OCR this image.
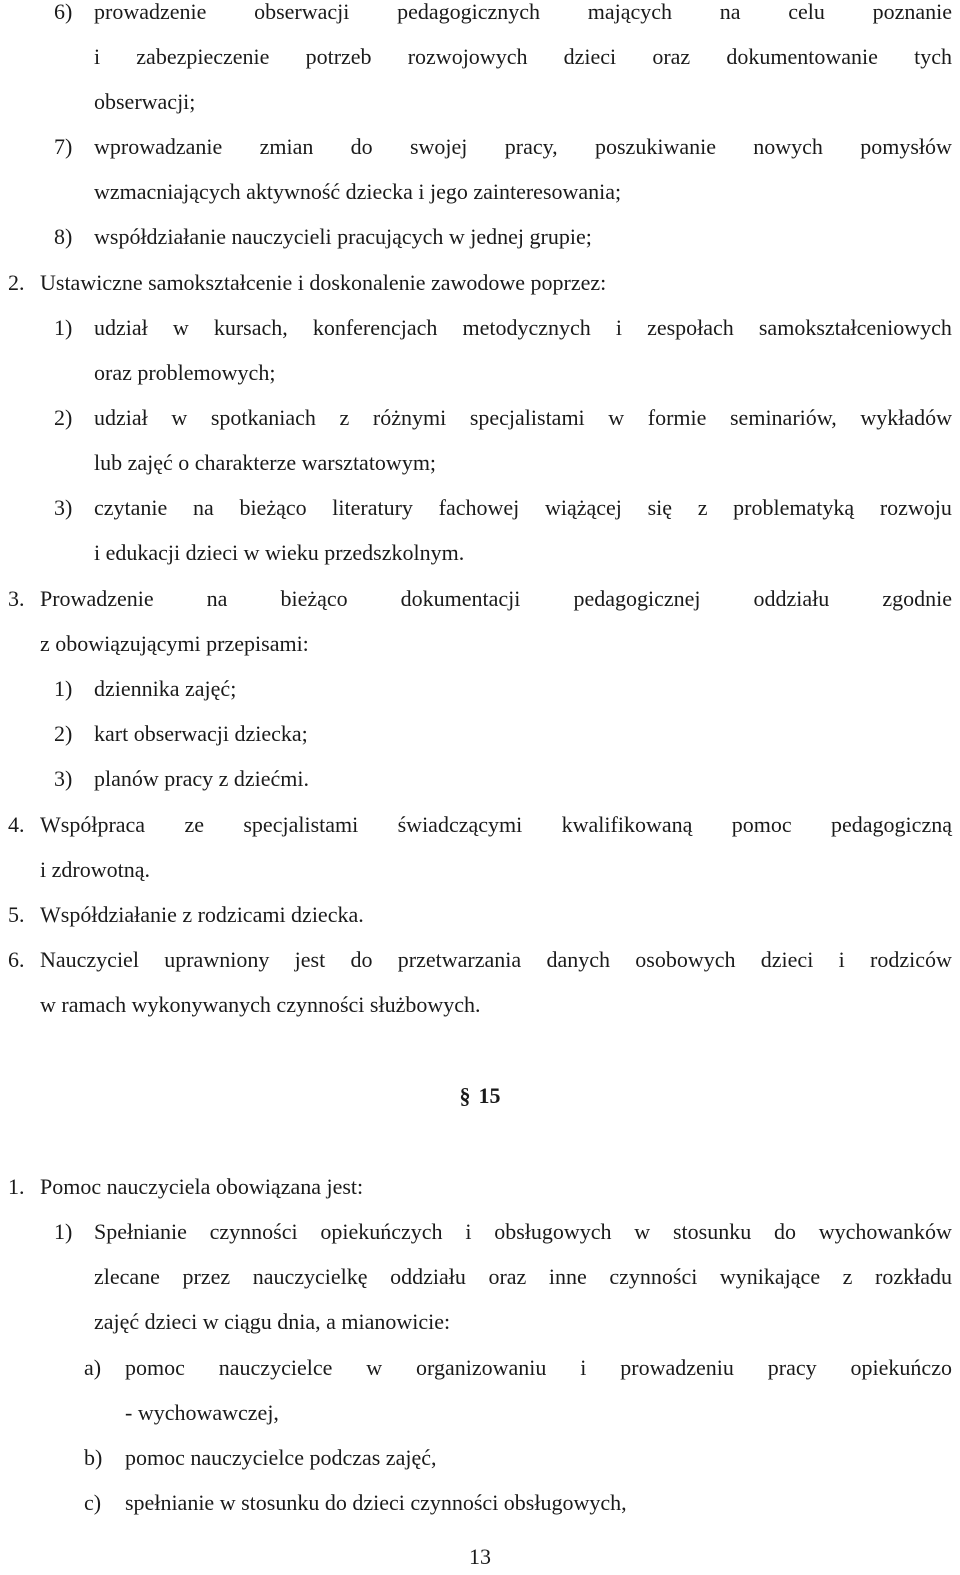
6) prowadzenie obserwacji pedagogicznych mających na celu poznanie
i zabezpieczenie potrzeb rozwojowych dzieci oraz dokumentowanie tych
obserwacji;
7) wprowadzanie zmian do swojej pracy, poszukiwanie nowych pomysłów
wzmacniających aktywność dziecka i jego zainteresowania;
8) współdziałanie nauczycieli pracujących w jednej grupie;
2. Ustawiczne samokształcenie i doskonalenie zawodowe poprzez:
1) udział w kursach, konferencjach metodycznych i zespołach samokształceniowych
oraz problemowych;
2) udział w spotkaniach z różnymi specjalistami w formie seminariów, wykładów
lub zajęć o charakterze warsztatowym;
3) czytanie na bieżąco literatury fachowej wiążącej się z problematyką rozwoju
i edukacji dzieci w wieku przedszkolnym.
3. Prowadzenie na bieżąco dokumentacji pedagogicznej oddziału zgodnie
z obowiązującymi przepisami:
1) dziennika zajęć;
2) kart obserwacji dziecka;
3) planów pracy z dziećmi.
4. Współpraca ze specjalistami świadczącymi kwalifikowaną pomoc pedagogiczną
i zdrowotną.
5. Współdziałanie z rodzicami dziecka.
6. Nauczyciel uprawniony jest do przetwarzania danych osobowych dzieci i rodziców
w ramach wykonywanych czynności służbowych.
§ 15
1. Pomoc nauczyciela obowiązana jest:
1) Spełnianie czynności opiekuńczych i obsługowych w stosunku do wychowanków
zlecane przez nauczycielkę oddziału oraz inne czynności wynikające z rozkładu
zajęć dzieci w ciągu dnia, a mianowicie:
a) pomoc nauczycielce w organizowaniu i prowadzeniu pracy opiekuńczo
- wychowawczej,
b) pomoc nauczycielce podczas zajęć,
c) spełnianie w stosunku do dzieci czynności obsługowych,
13
